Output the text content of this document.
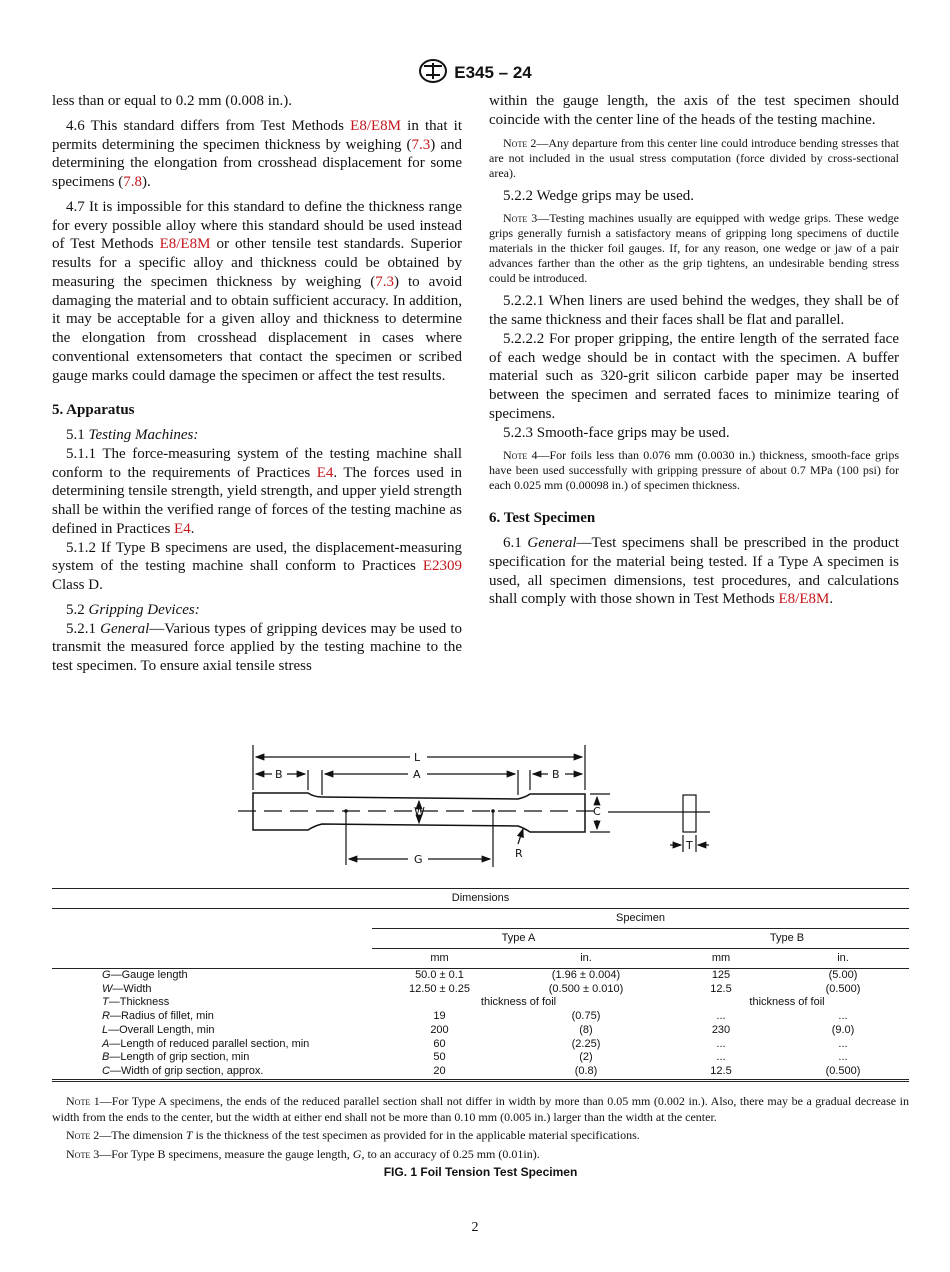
E345 – 24

less than or equal to 0.2 mm (0.008 in.).

4.6 This standard differs from Test Methods E8/E8M in that it permits determining the specimen thickness by weighing (7.3) and determining the elongation from crosshead displacement for some specimens (7.8).

4.7 It is impossible for this standard to define the thickness range for every possible alloy where this standard should be used instead of Test Methods E8/E8M or other tensile test standards. Superior results for a specific alloy and thickness could be obtained by measuring the specimen thickness by weighing (7.3) to avoid damaging the material and to obtain sufficient accuracy. In addition, it may be acceptable for a given alloy and thickness to determine the elongation from crosshead displacement in cases where conventional extensometers that contact the specimen or scribed gauge marks could damage the specimen or affect the test results.

5. Apparatus

5.1 Testing Machines:

5.1.1 The force-measuring system of the testing machine shall conform to the requirements of Practices E4. The forces used in determining tensile strength, yield strength, and upper yield strength shall be within the verified range of forces of the testing machine as defined in Practices E4.

5.1.2 If Type B specimens are used, the displacement-measuring system of the testing machine shall conform to Practices E2309 Class D.

5.2 Gripping Devices:

5.2.1 General—Various types of gripping devices may be used to transmit the measured force applied by the testing machine to the test specimen. To ensure axial tensile stress

within the gauge length, the axis of the test specimen should coincide with the center line of the heads of the testing machine.

Note 2—Any departure from this center line could introduce bending stresses that are not included in the usual stress computation (force divided by cross-sectional area).

5.2.2 Wedge grips may be used.

Note 3—Testing machines usually are equipped with wedge grips. These wedge grips generally furnish a satisfactory means of gripping long specimens of ductile materials in the thicker foil gauges. If, for any reason, one wedge or jaw of a pair advances farther than the other as the grip tightens, an undesirable bending stress could be introduced.

5.2.2.1 When liners are used behind the wedges, they shall be of the same thickness and their faces shall be flat and parallel.

5.2.2.2 For proper gripping, the entire length of the serrated face of each wedge should be in contact with the specimen. A buffer material such as 320-grit silicon carbide paper may be inserted between the specimen and serrated faces to minimize tearing of specimens.

5.2.3 Smooth-face grips may be used.

Note 4—For foils less than 0.076 mm (0.0030 in.) thickness, smooth-face grips have been used successfully with gripping pressure of about 0.7 MPa (100 psi) for each 0.025 mm (0.00098 in.) of specimen thickness.

6. Test Specimen

6.1 General—Test specimens shall be prescribed in the product specification for the material being tested. If a Type A specimen is used, all specimen dimensions, test procedures, and calculations shall comply with those shown in Test Methods E8/E8M.

L
A
B	B
W	C
G	R
T
Dimensions				
	Specimen			
	Type A		Type B	
	mm	in.	mm	in.
G—Gauge length	50.0 ± 0.1	(1.96 ± 0.004)	125	(5.00)
W—Width	12.50 ± 0.25	(0.500 ± 0.010)	12.5	(0.500)
T—Thickness	thickness of foil		thickness of foil	
R—Radius of fillet, min	19	(0.75)	...	...
L—Overall Length, min	200	(8)	230	(9.0)
A—Length of reduced parallel section, min	60	(2.25)	...	...
B—Length of grip section, min	50	(2)	...	...
C—Width of grip section, approx.	20	(0.8)	12.5	(0.500)

Note 1—For Type A specimens, the ends of the reduced parallel section shall not differ in width by more than 0.05 mm (0.002 in.). Also, there may be a gradual decrease in width from the ends to the center, but the width at either end shall not be more than 0.10 mm (0.005 in.) larger than the width at the center.

Note 2—The dimension T is the thickness of the test specimen as provided for in the applicable material specifications.

Note 3—For Type B specimens, measure the gauge length, G, to an accuracy of 0.25 mm (0.01in).

FIG. 1 Foil Tension Test Specimen
2
